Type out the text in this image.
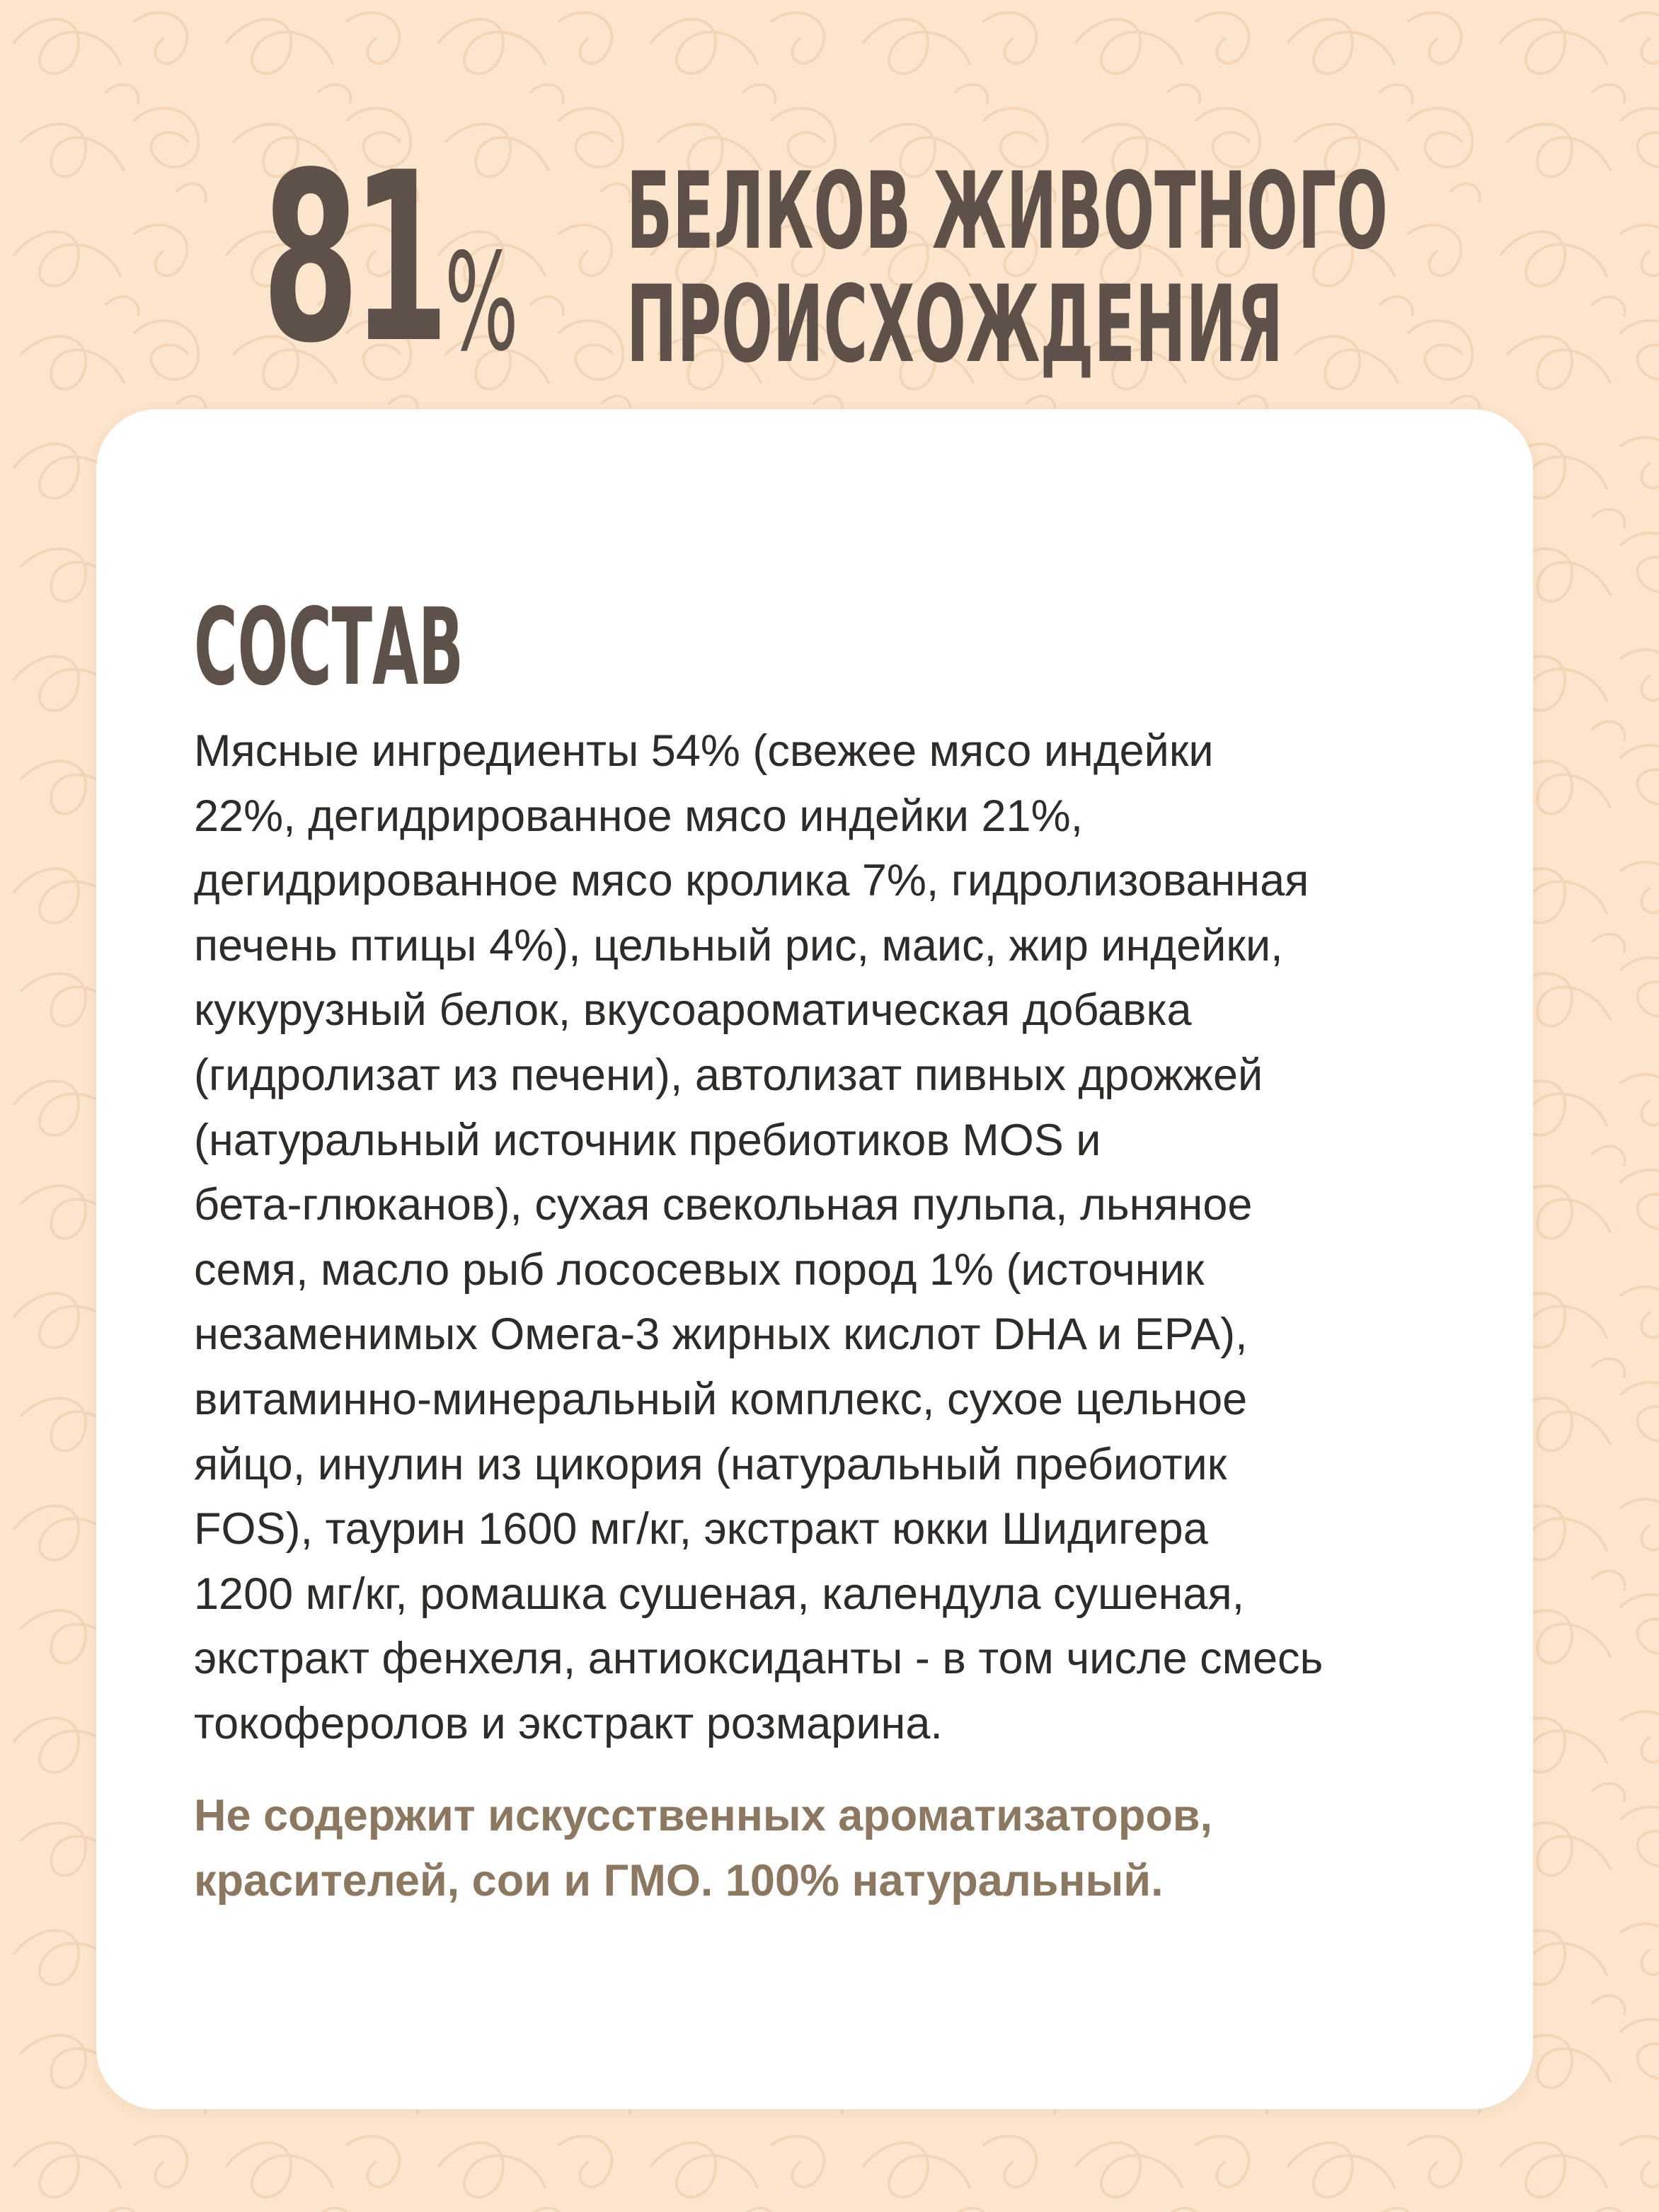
81 %
БЕЛКОВ ЖИВОТНОГО
ПРОИСХОЖДЕНИЯ
СОСТАВ
Мясные ингредиенты 54% (свежее мясо индейки
22%, дегидрированное мясо индейки 21%,
дегидрированное мясо кролика 7%, гидролизованная
печень птицы 4%), цельный рис, маис, жир индейки,
кукурузный белок, вкусоароматическая добавка
(гидролизат из печени), автолизат пивных дрожжей
(натуральный источник пребиотиков MOS и
бета-глюканов), сухая свекольная пульпа, льняное
семя, масло рыб лососевых пород 1% (источник
незаменимых Омега-3 жирных кислот DHA и EPA),
витаминно-минеральный комплекс, сухое цельное
яйцо, инулин из цикория (натуральный пребиотик
FOS), таурин 1600 мг/кг, экстракт юкки Шидигера
1200 мг/кг, ромашка сушеная, календула сушеная,
экстракт фенхеля, антиоксиданты - в том числе смесь
токоферолов и экстракт розмарина.
Не содержит искусственных ароматизаторов,
красителей, сои и ГМО. 100% натуральный.
